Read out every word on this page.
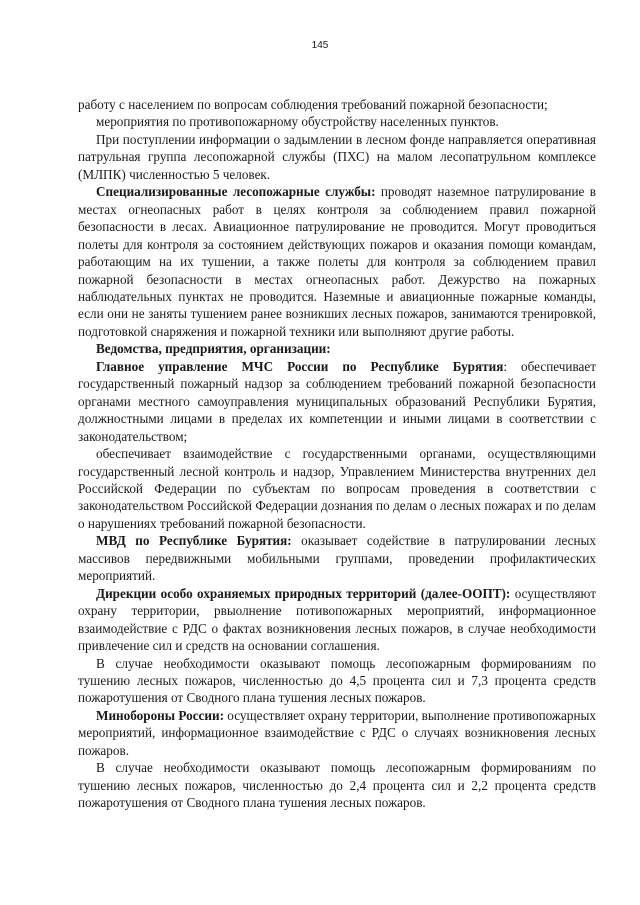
145

работу с населением по вопросам соблюдения требований пожарной безопасности;

мероприятия по противопожарному обустройству населенных пунктов.

При поступлении информации о задымлении в лесном фонде направляется оперативная патрульная группа лесопожарной службы (ПХС) на малом лесопатрульном комплексе (МЛПК) численностью 5 человек.

Специализированные лесопожарные службы: проводят наземное патрулирование в местах огнеопасных работ в целях контроля за соблюдением правил пожарной безопасности в лесах. Авиационное патрулирование не проводится. Могут проводиться полеты для контроля за состоянием действующих пожаров и оказания помощи командам, работающим на их тушении, а также полеты для контроля за соблюдением правил пожарной безопасности в местах огнеопасных работ. Дежурство на пожарных наблюдательных пунктах не проводится. Наземные и авиационные пожарные команды, если они не заняты тушением ранее возникших лесных пожаров, занимаются тренировкой, подготовкой снаряжения и пожарной техники или выполняют другие работы.

Ведомства, предприятия, организации:

Главное управление МЧС России по Республике Бурятия: обеспечивает государственный пожарный надзор за соблюдением требований пожарной безопасности органами местного самоуправления муниципальных образований Республики Бурятия, должностными лицами в пределах их компетенции и иными лицами в соответствии с законодательством;

обеспечивает взаимодействие с государственными органами, осуществляющими государственный лесной контроль и надзор, Управлением Министерства внутренних дел Российской Федерации по субъектам по вопросам проведения в соответствии с законодательством Российской Федерации дознания по делам о лесных пожарах и по делам о нарушениях требований пожарной безопасности.

МВД по Республике Бурятия: оказывает содействие в патрулировании лесных массивов передвижными мобильными группами, проведении профилактических мероприятий.

Дирекции особо охраняемых природных территорий (далее-ООПТ): осуществляют охрану территории, рвыолнение потивопожарных мероприятий, информационное взаимодействие с РДС о фактах возникновения лесных пожаров, в случае необходимости привлечение сил и средств на основании соглашения.

В случае необходимости оказывают помощь лесопожарным формированиям по тушению лесных пожаров, численностью до 4,5 процента сил и 7,3 процента средств пожаротушения от Сводного плана тушения лесных пожаров.

Минобороны России: осуществляет охрану территории, выполнение противопожарных мероприятий, информационное взаимодействие с РДС о случаях возникновения лесных пожаров.

В случае необходимости оказывают помощь лесопожарным формированиям по тушению лесных пожаров, численностью до 2,4 процента сил и 2,2 процента средств пожаротушения от Сводного плана тушения лесных пожаров.
